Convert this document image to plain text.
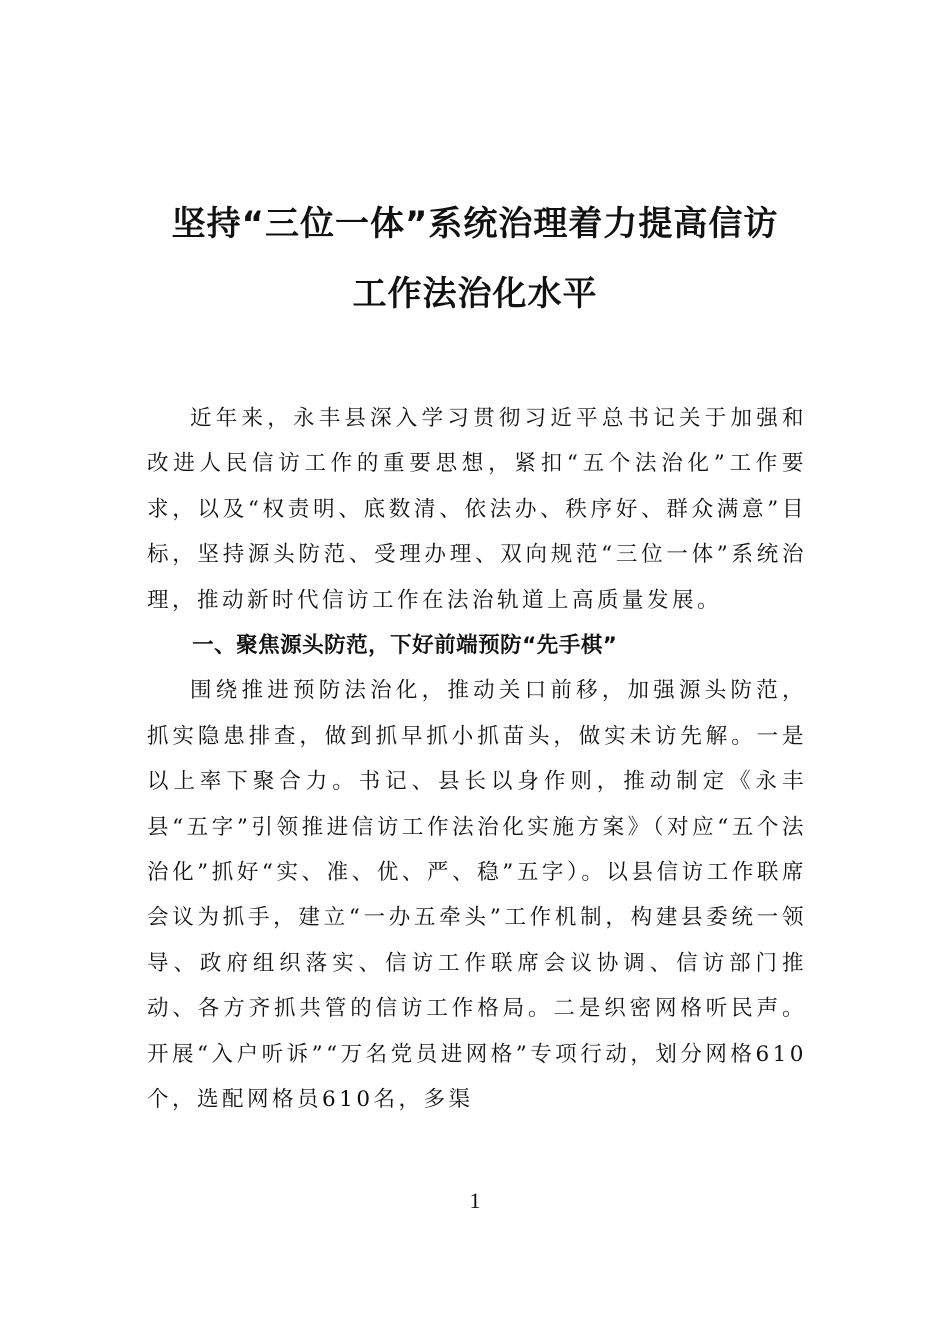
坚持“三位一体”系统治理着力提高信访
工作法治化水平

近年来，永丰县深入学习贯彻习近平总书记关于加强和改进人民信访工作的重要思想，紧扣“五个法治化”工作要求，以及“权责明、底数清、依法办、秩序好、群众满意”目标，坚持源头防范、受理办理、双向规范“三位一体”系统治理，推动新时代信访工作在法治轨道上高质量发展。

一、聚焦源头防范，下好前端预防“先手棋”

围绕推进预防法治化，推动关口前移，加强源头防范，抓实隐患排查，做到抓早抓小抓苗头，做实未访先解。一是以上率下聚合力。书记、县长以身作则，推动制定《永丰县“五字”引领推进信访工作法治化实施方案》（对应“五个法治化”抓好“实、准、优、严、稳”五字）。以县信访工作联席会议为抓手，建立“一办五牵头”工作机制，构建县委统一领导、政府组织落实、信访工作联席会议协调、信访部门推动、各方齐抓共管的信访工作格局。二是织密网格听民声。开展“入户听诉”“万名党员进网格”专项行动，划分网格610个，选配网格员610名，多渠

1
